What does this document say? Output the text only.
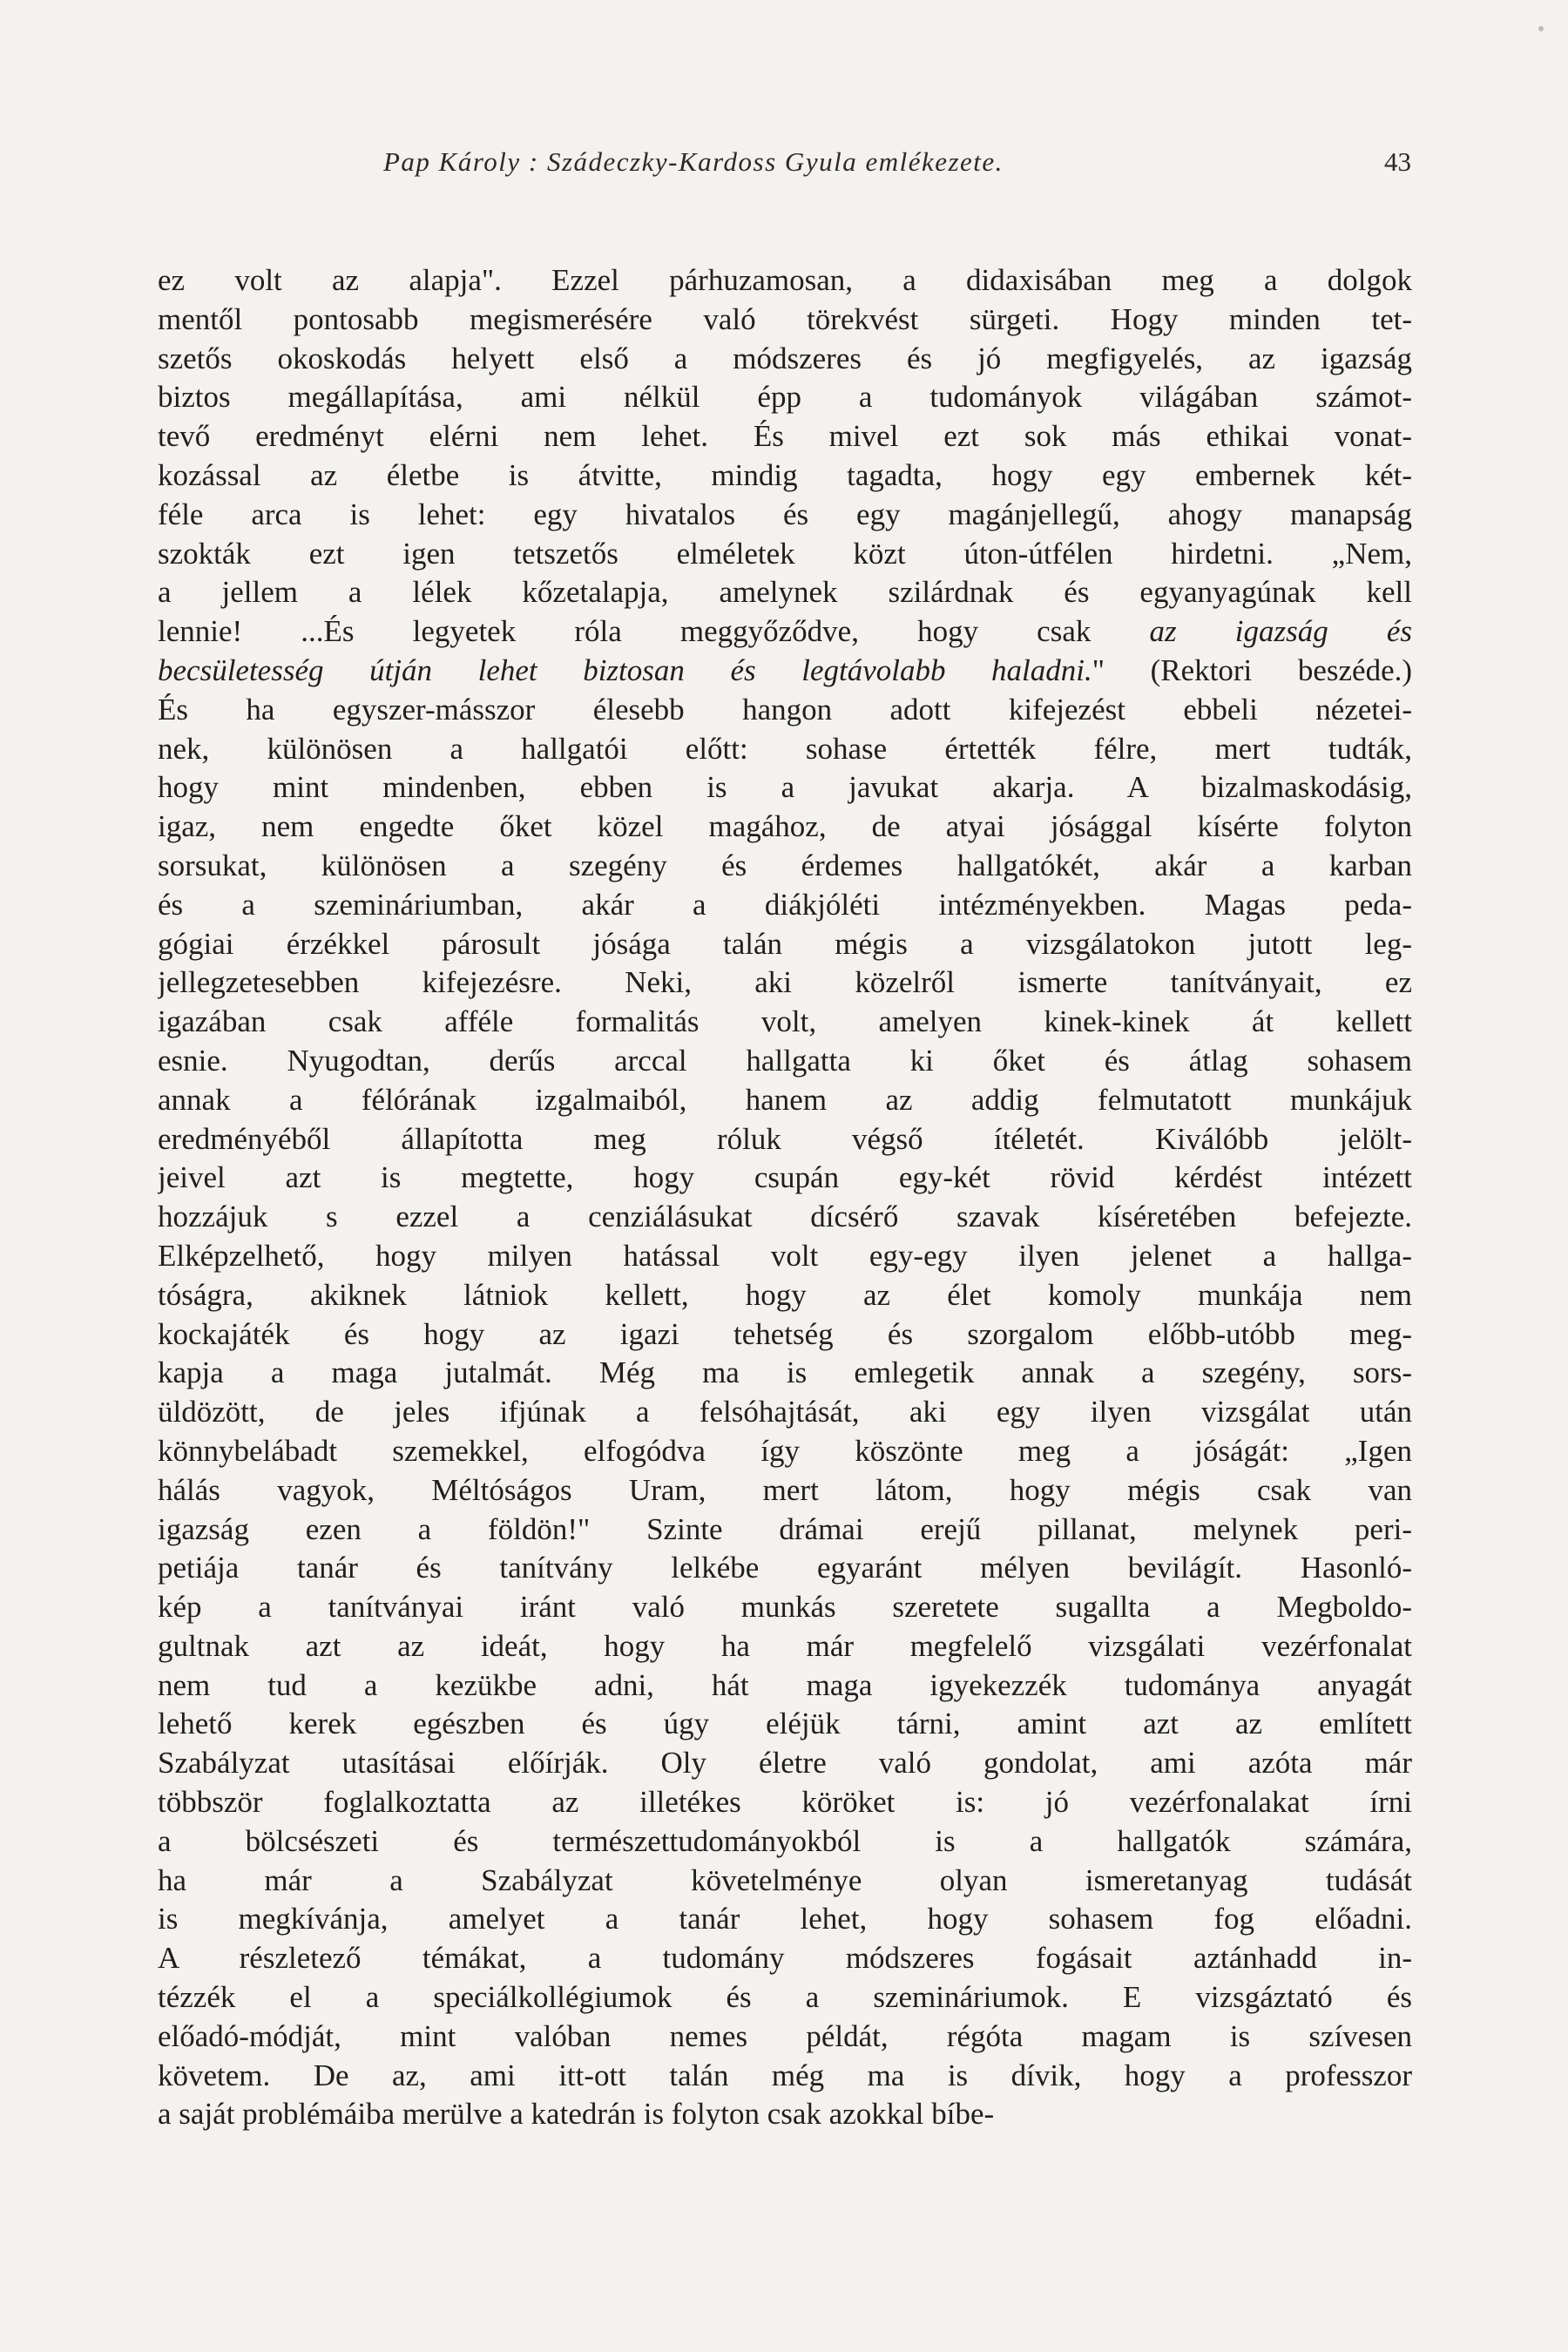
Pap Károly : Szádeczky-Kardoss Gyula emlékezete.	43
ez volt az alapja". Ezzel párhuzamosan, a didaxisában meg a dolgok
mentől pontosabb megismerésére való törekvést sürgeti. Hogy minden tet-
szetős okoskodás helyett első a módszeres és jó megfigyelés, az igazság
biztos megállapítása, ami nélkül épp a tudományok világában számot-
tevő eredményt elérni nem lehet. És mivel ezt sok más ethikai vonat-
kozással az életbe is átvitte, mindig tagadta, hogy egy embernek két-
féle arca is lehet: egy hivatalos és egy magánjellegű, ahogy manapság
szokták ezt igen tetszetős elméletek közt úton-útfélen hirdetni. „Nem,
a jellem a lélek kőzetalapja, amelynek szilárdnak és egyanyagúnak kell
lennie! ...És legyetek róla meggyőződve, hogy csak az igazság és
becsületesség útján lehet biztosan és legtávolabb haladni." (Rektori beszéde.)
És ha egyszer-másszor élesebb hangon adott kifejezést ebbeli nézetei-
nek, különösen a hallgatói előtt: sohase értették félre, mert tudták,
hogy mint mindenben, ebben is a javukat akarja. A bizalmaskodásig,
igaz, nem engedte őket közel magához, de atyai jósággal kísérte folyton
sorsukat, különösen a szegény és érdemes hallgatókét, akár a karban
és a szemináriumban, akár a diákjóléti intézményekben. Magas peda-
gógiai érzékkel párosult jósága talán mégis a vizsgálatokon jutott leg-
jellegzetesebben kifejezésre. Neki, aki közelről ismerte tanítványait, ez
igazában csak afféle formalitás volt, amelyen kinek-kinek át kellett
esnie. Nyugodtan, derűs arccal hallgatta ki őket és átlag sohasem
annak a félórának izgalmaiból, hanem az addig felmutatott munkájuk
eredményéből állapította meg róluk végső ítéletét. Kiválóbb jelölt-
jeivel azt is megtette, hogy csupán egy-két rövid kérdést intézett
hozzájuk s ezzel a cenziálásukat dícsérő szavak kíséretében befejezte.
Elképzelhető, hogy milyen hatással volt egy-egy ilyen jelenet a hallga-
tóságra, akiknek látniok kellett, hogy az élet komoly munkája nem
kockajáték és hogy az igazi tehetség és szorgalom előbb-utóbb meg-
kapja a maga jutalmát. Még ma is emlegetik annak a szegény, sors-
üldözött, de jeles ifjúnak a felsóhajtását, aki egy ilyen vizsgálat után
könnybelábadt szemekkel, elfogódva így köszönte meg a jóságát: „Igen
hálás vagyok, Méltóságos Uram, mert látom, hogy mégis csak van
igazság ezen a földön!" Szinte drámai erejű pillanat, melynek peri-
petiája tanár és tanítvány lelkébe egyaránt mélyen bevilágít. Hasonló-
kép a tanítványai iránt való munkás szeretete sugallta a Megboldo-
gultnak azt az ideát, hogy ha már megfelelő vizsgálati vezérfonalat
nem tud a kezükbe adni, hát maga igyekezzék tudománya anyagát
lehető kerek egészben és úgy eléjük tárni, amint azt az említett
Szabályzat utasításai előírják. Oly életre való gondolat, ami azóta már
többször foglalkoztatta az illetékes köröket is: jó vezérfonalakat írni
a bölcsészeti és természettudományokból is a hallgatók számára,
ha már a Szabályzat követelménye olyan ismeretanyag tudását
is megkívánja, amelyet a tanár lehet, hogy sohasem fog előadni.
A részletező témákat, a tudomány módszeres fogásait aztánhadd in-
tézzék el a speciálkollégiumok és a szemináriumok. E vizsgáztató és
előadó-módját, mint valóban nemes példát, régóta magam is szívesen
követem. De az, ami itt-ott talán még ma is dívik, hogy a professzor
a saját problémáiba merülve a katedrán is folyton csak azokkal bíbe-
